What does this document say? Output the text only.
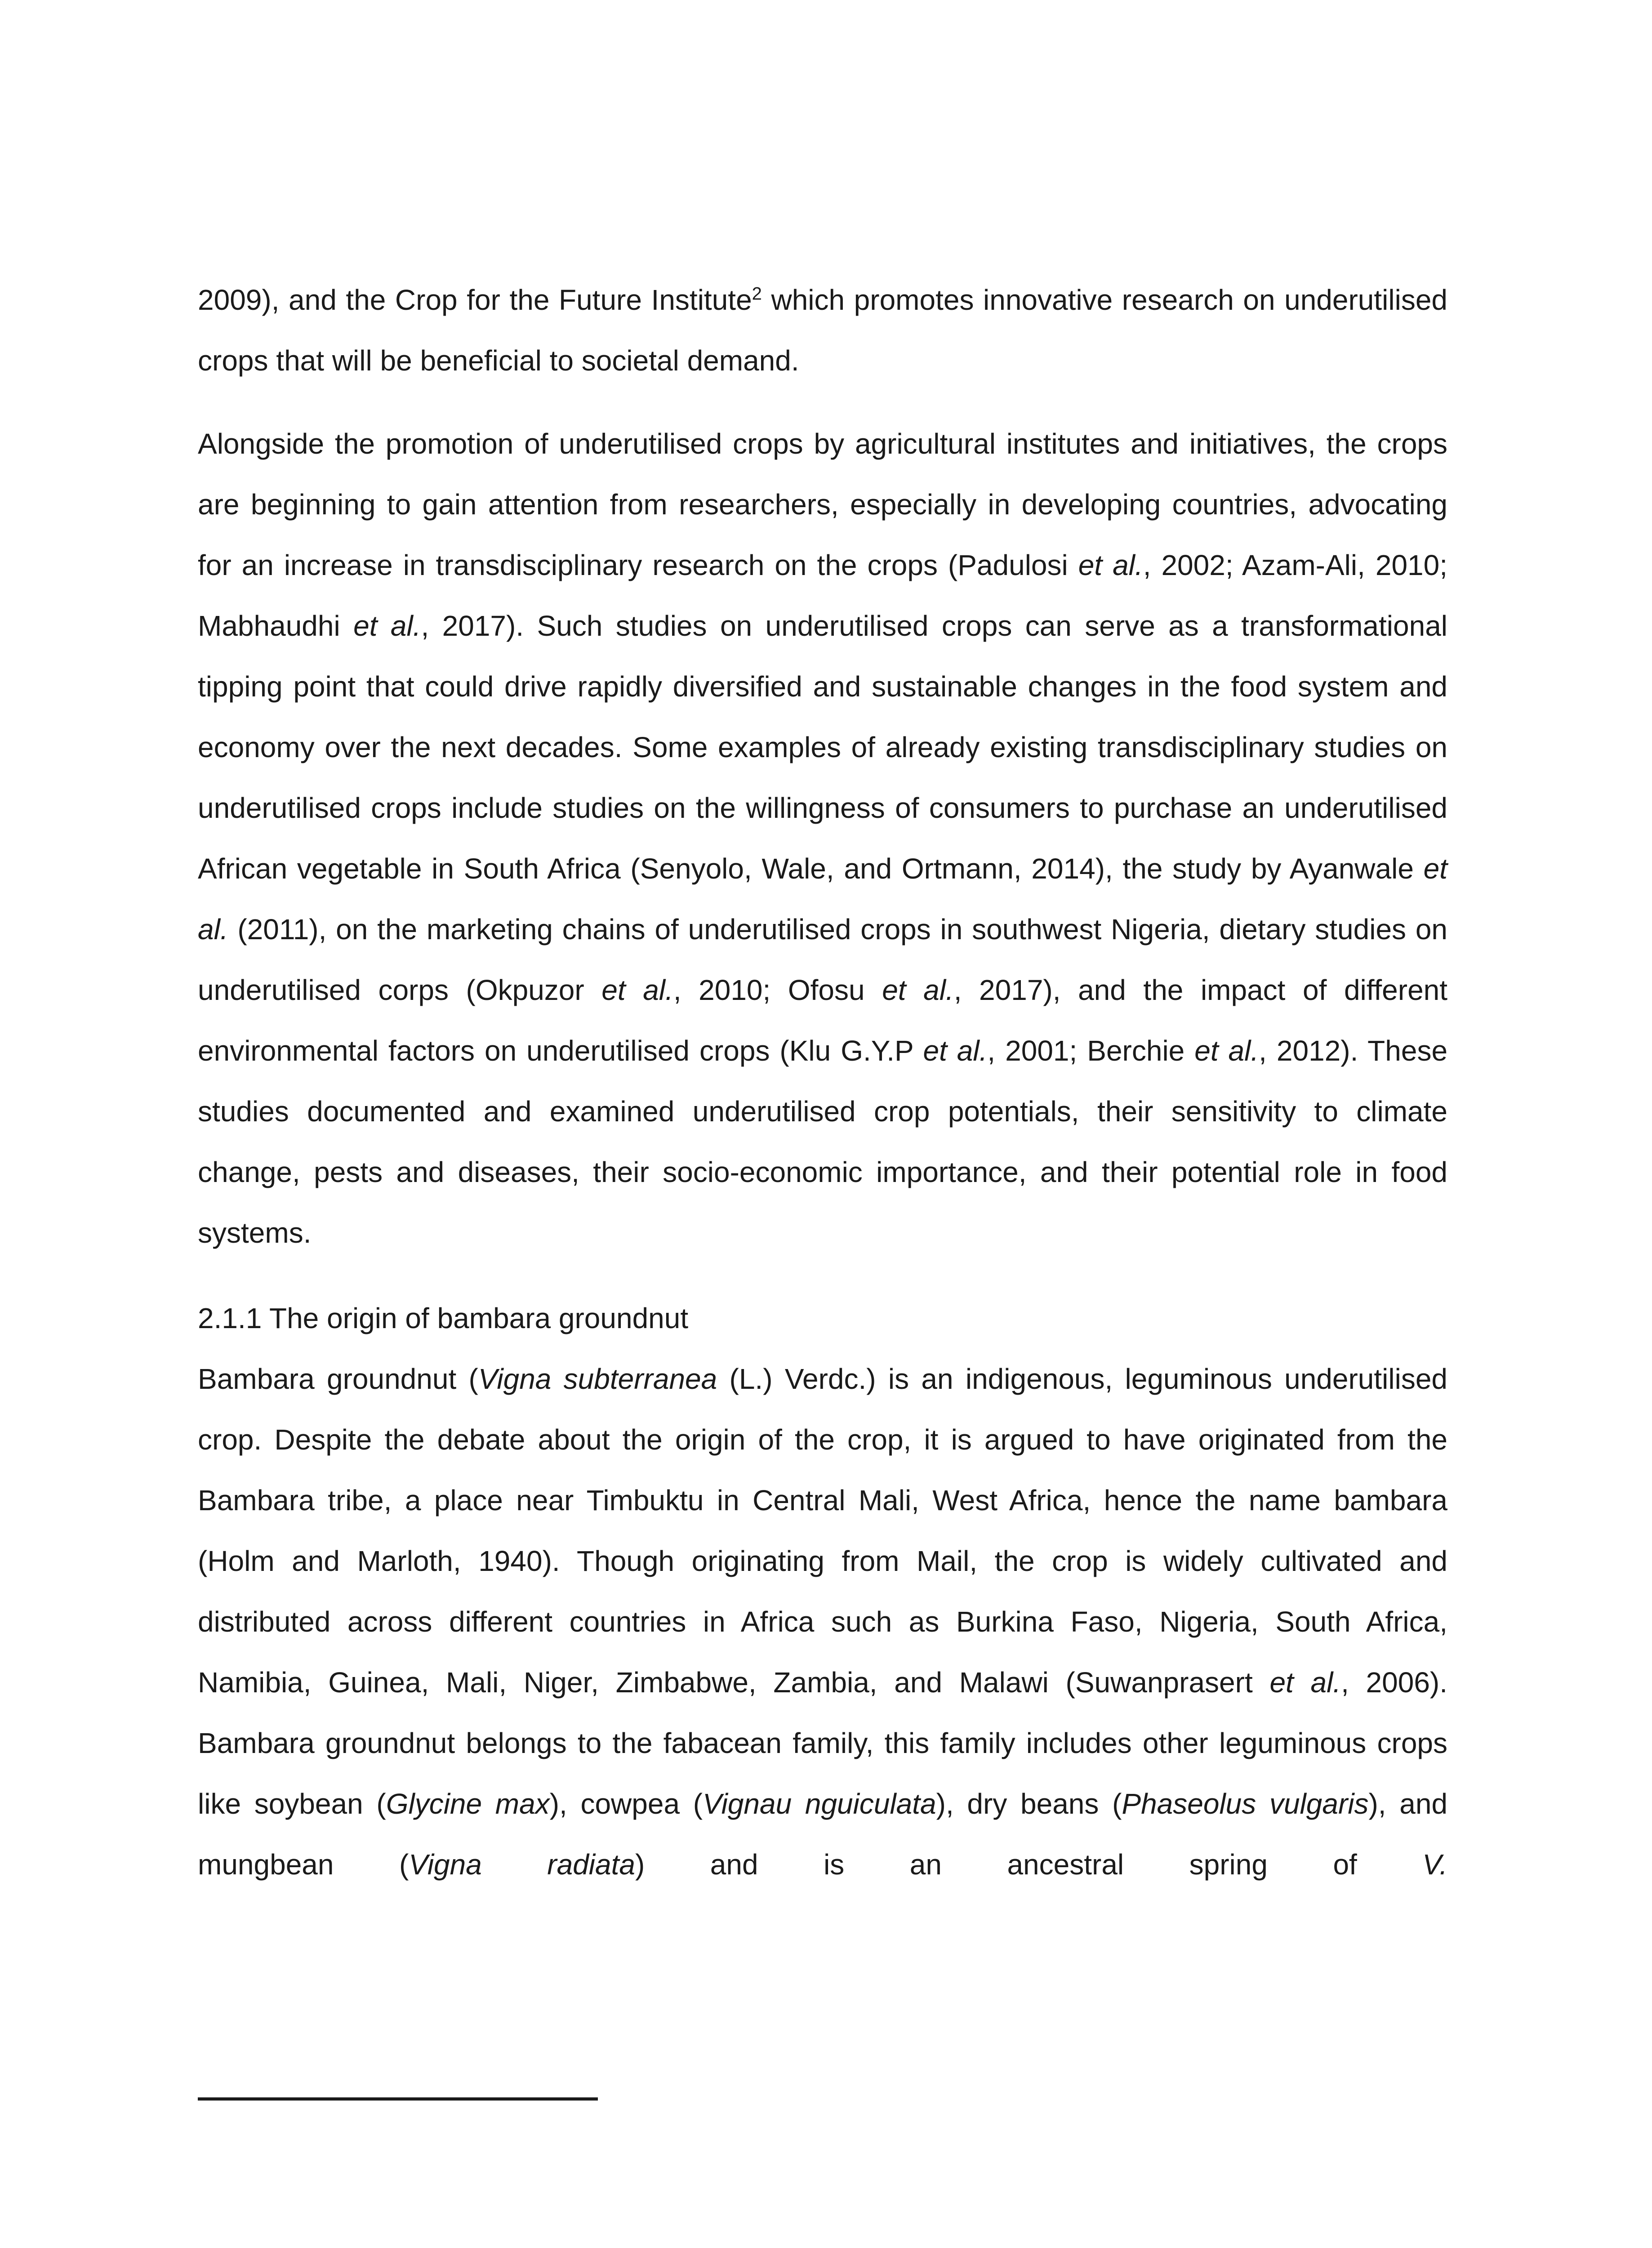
2009), and the Crop for the Future Institute$^2$ which promotes innovative research on underutilised crops that will be beneficial to societal demand.

Alongside the promotion of underutilised crops by agricultural institutes and initiatives, the crops are beginning to gain attention from researchers, especially in developing countries, advocating for an increase in transdisciplinary research on the crops (Padulosi et al., 2002; Azam-Ali, 2010; Mabhaudhi et al., 2017). Such studies on underutilised crops can serve as a transformational tipping point that could drive rapidly diversified and sustainable changes in the food system and economy over the next decades. Some examples of already existing transdisciplinary studies on underutilised crops include studies on the willingness of consumers to purchase an underutilised African vegetable in South Africa (Senyolo, Wale, and Ortmann, 2014), the study by Ayanwale et al. (2011), on the marketing chains of underutilised crops in southwest Nigeria, dietary studies on underutilised corps (Okpuzor et al., 2010; Ofosu et al., 2017), and the impact of different environmental factors on underutilised crops (Klu G.Y.P et al., 2001; Berchie et al., 2012). These studies documented and examined underutilised crop potentials, their sensitivity to climate change, pests and diseases, their socio-economic importance, and their potential role in food systems.

2.1.1 The origin of bambara groundnut

Bambara groundnut (Vigna subterranea (L.) Verdc.) is an indigenous, leguminous underutilised crop. Despite the debate about the origin of the crop, it is argued to have originated from the Bambara tribe, a place near Timbuktu in Central Mali, West Africa, hence the name bambara (Holm and Marloth, 1940). Though originating from Mail, the crop is widely cultivated and distributed across different countries in Africa such as Burkina Faso, Nigeria, South Africa, Namibia, Guinea, Mali, Niger, Zimbabwe, Zambia, and Malawi (Suwanprasert et al., 2006). Bambara groundnut belongs to the fabacean family, this family includes other leguminous crops like soybean (Glycine max), cowpea (Vignau nguiculata), dry beans (Phaseolus vulgaris), and mungbean (Vigna radiata) and is an ancestral spring of V.
